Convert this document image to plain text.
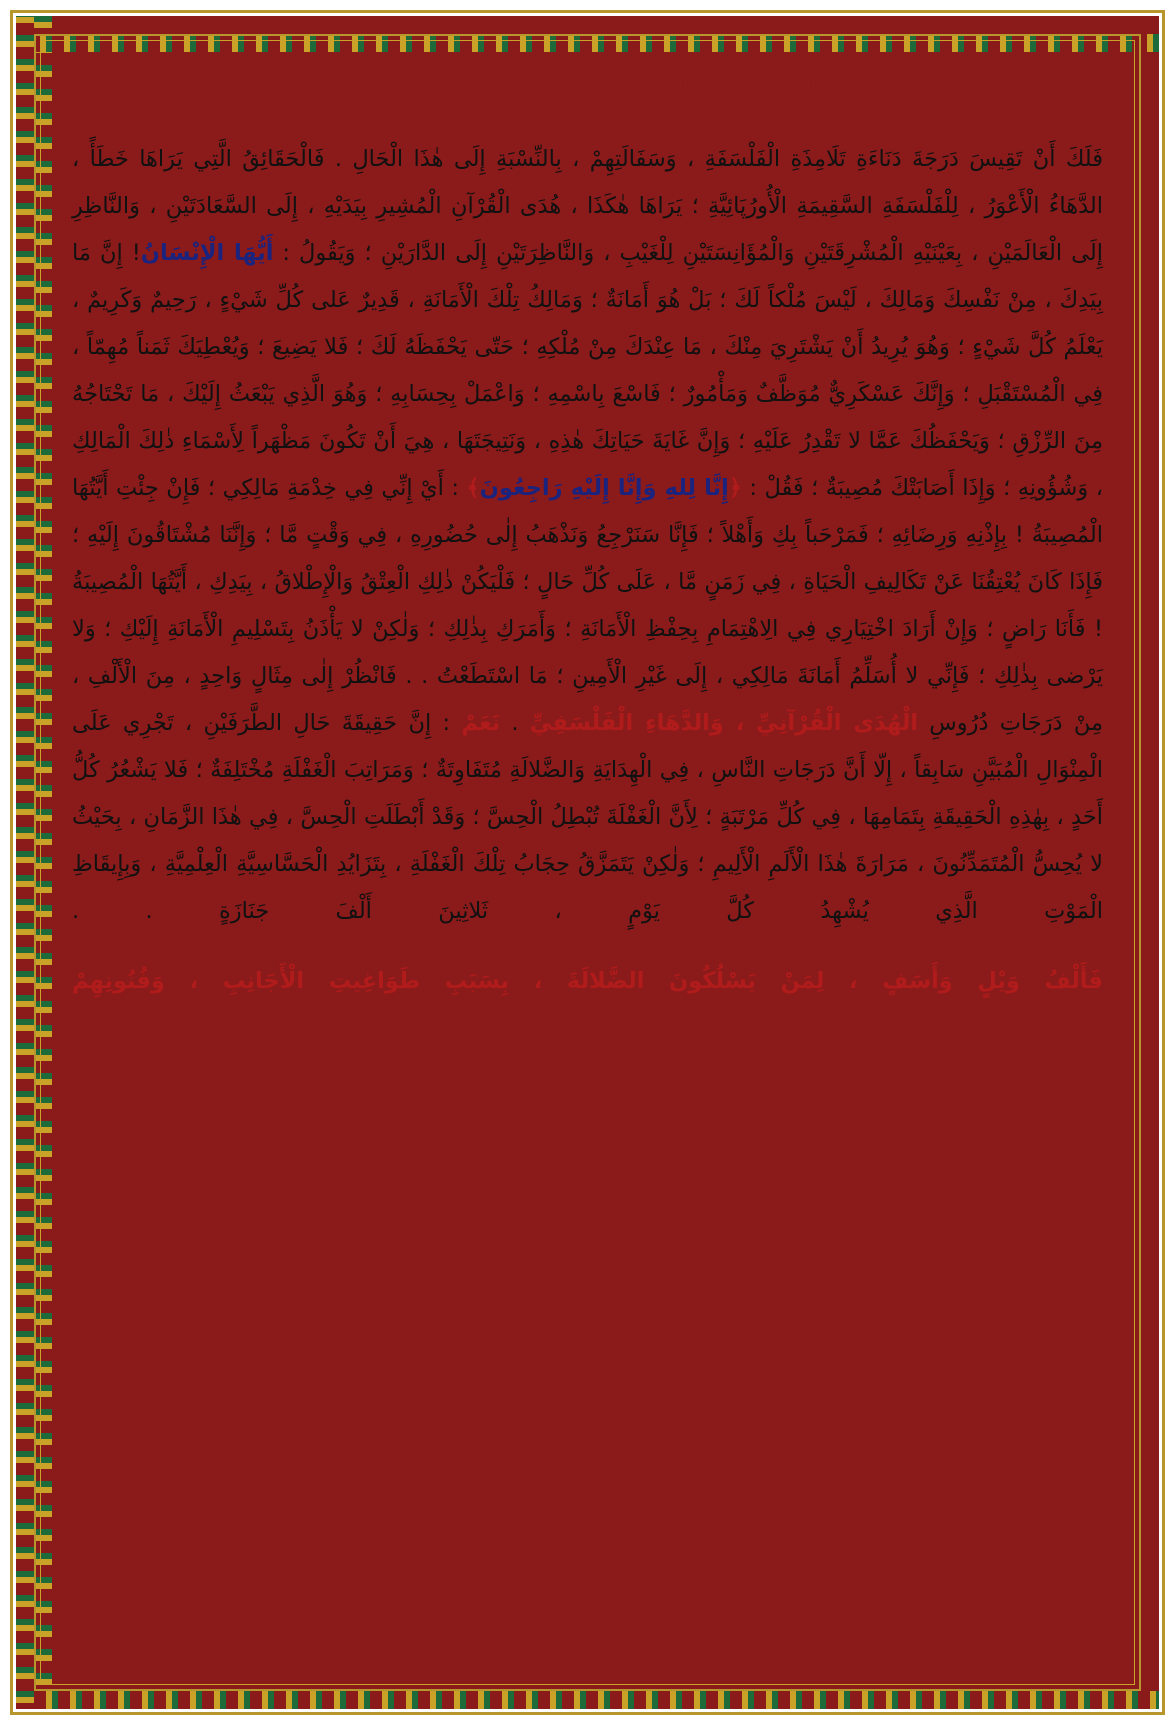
اَللَّمْعَةُ السَّابِعَةَ عَشْرَةَ
١٦٢ - ١٠

فَلَكَ أَنْ تَقِيسَ دَرَجَةَ دَنَاءَةِ تَلَامِذَةِ الْفَلْسَفَةِ ، وَسَفَالَتِهِمْ ، بِالنِّسْبَةِ إِلَى هٰذَا الْحَالِ . فَالْحَقَائِقُ الَّتِي يَرَاهَا خَطَأً ، الدَّهَاءُ الْأَعْوَرُ ، لِلْفَلْسَفَةِ السَّقِيمَةِ الْأُورُپَائِيَّةِ ؛ يَرَاهَا هٰكَذَا ، هُدَى الْقُرْآنِ الْمُشِيرِ بِيَدَيْهِ ، إِلَى السَّعَادَتَيْنِ ، وَالنَّاظِرِ إِلَى الْعَالَمَيْنِ ، بِعَيْنَيْهِ الْمُشْرِقَتَيْنِ وَالْمُؤَانِسَتَيْنِ لِلْغَيْبِ ، وَالنَّاظِرَتَيْنِ إِلَى الدَّارَيْنِ ؛ وَيَقُولُ : أَيُّهَا الْإِنْسَانُ! إِنَّ مَا بِيَدِكَ ، مِنْ نَفْسِكَ وَمَالِكَ ، لَيْسَ مُلْكاً لَكَ ؛ بَلْ هُوَ أَمَانَةٌ ؛ وَمَالِكُ تِلْكَ الْأَمَانَةِ ، قَدِيرٌ عَلى كُلِّ شَيْءٍ ، رَحِيمٌ وَكَرِيمٌ ، يَعْلَمُ كُلَّ شَيْءٍ ؛ وَهُوَ يُرِيدُ أَنْ يَشْتَرِيَ مِنْكَ ، مَا عِنْدَكَ مِنْ مُلْكِهِ ؛ حَتّى يَحْفَظَهُ لَكَ ؛ فَلا يَضِيعَ ؛ وَيُعْطِيَكَ ثَمَناً مُهِمّاً ، فِي الْمُسْتَقْبَلِ ؛ وَإِنَّكَ عَسْكَرِيٌّ مُوَظَّفٌ وَمَأْمُورٌ ؛ فَاسْعَ بِاسْمِهِ ؛ وَاعْمَلْ بِحِسَابِهِ ؛ وَهُوَ الَّذِي يَبْعَثُ إِلَيْكَ ، مَا تَحْتَاجُهُ مِنَ الرِّزْقِ ؛ وَيَحْفَظُكَ عَمَّا لا تَقْدِرُ عَلَيْهِ ؛ وَإِنَّ غَايَةَ حَيَاتِكَ هٰذِهِ ، وَنَتِيجَتَهَا ، هِيَ أَنْ تَكُونَ مَظْهَراً لِأَسْمَاءِ ذٰلِكَ الْمَالِكِ ، وَشُؤُونِهِ ؛ وَإِذَا أَصَابَتْكَ مُصِيبَةٌ ؛ فَقُلْ : ﴿إِنَّا لِلهِ وَإِنَّا إِلَيْهِ رَاجِعُونَ﴾ : أَيْ إِنِّي فِي خِدْمَةِ مَالِكِي ؛ فَإِنْ جِئْتِ أَيَّتُهَا الْمُصِيبَةُ ! بِإِذْنِهِ وَرِضَائِهِ ؛ فَمَرْحَباً بِكِ وَأَهْلاً ؛ فَإِنَّا سَنَرْجِعُ وَنَذْهَبُ إِلٰى حُضُورِهِ ، فِي وَقْتٍ مَّا ؛ وَإِنَّنَا مُشْتَاقُونَ إِلَيْهِ ؛ فَإِذَا كَانَ يُعْتِقُنَا عَنْ تَكَالِيفِ الْحَيَاةِ ، فِي زَمَنٍ مَّا ، عَلَى كُلِّ حَالٍ ؛ فَلْيَكُنْ ذٰلِكِ الْعِتْقُ وَالْإِطْلاقُ ، بِيَدِكِ ، أَيَّتُهَا الْمُصِيبَةُ ! فَأَنَا رَاضٍ ؛ وَإِنْ أَرَادَ اخْتِيَارِي فِي الِاهْتِمَامِ بِحِفْظِ الْأَمَانَةِ ؛ وَأَمَرَكِ بِذٰلِكِ ؛ وَلٰكِنْ لا يَأْذَنُ بِتَسْلِيمِ الْأَمَانَةِ إِلَيْكِ ؛ وَلا يَرْضى بِذٰلِكِ ؛ فَإِنِّي لا أُسَلِّمُ أَمَانَةَ مَالِكِي ، إِلَى غَيْرِ الْأَمِينِ ؛ مَا اسْتَطَعْتُ . . فَانْظُرْ إِلٰى مِثَالٍ وَاحِدٍ ، مِنَ الْأَلْفِ ، مِنْ دَرَجَاتِ دُرُوسِ الْهُدَى الْقُرْآنِيِّ ، وَالدَّهَاءِ الْفَلْسَفِيِّ . نَعَمْ : إِنَّ حَقِيقَةَ حَالِ الطَّرَفَيْنِ ، تَجْرِي عَلَى الْمِنْوَالِ الْمُبَيَّنِ سَابِقاً ، إِلّا أَنَّ دَرَجَاتِ النَّاسِ ، فِي الْهِدَايَةِ وَالضَّلالَةِ مُتَفَاوِتَةٌ ؛ وَمَرَاتِبَ الْغَفْلَةِ مُخْتَلِفَةٌ ؛ فَلا يَشْعُرُ كُلُّ أَحَدٍ ، بِهٰذِهِ الْحَقِيقَةِ بِتَمَامِهَا ، فِي كُلِّ مَرْتَبَةٍ ؛ لِأَنَّ الْغَفْلَةَ تُبْطِلُ الْحِسَّ ؛ وَقَدْ أَبْطَلَتِ الْحِسَّ ، فِي هٰذَا الزَّمَانِ ، بِحَيْثُ لا يُحِسُّ الْمُتَمَدِّنُونَ ، مَرَارَةَ هٰذَا الْأَلَمِ الْأَلِيمِ ؛ وَلٰكِنْ يَتَمَزَّقُ حِجَابُ تِلْكَ الْغَفْلَةِ ، بِتَزَايُدِ الْحَسَّاسِيَّةِ الْعِلْمِيَّةِ ، وَبِإِيقَاظِ الْمَوْتِ الَّذِي يُشْهِدُ كُلَّ يَوْمٍ ، ثَلاثِينَ أَلْفَ جَنَازَةٍ . .

فَأَلْفُ وَيْلٍ وَأَسَفٍ ، لِمَنْ يَسْلُكُونَ الضَّلالَةَ ، بِسَبَبِ طَوَاغِيتِ الْأَجَانِبِ ، وَفُنُونِهِمْ
